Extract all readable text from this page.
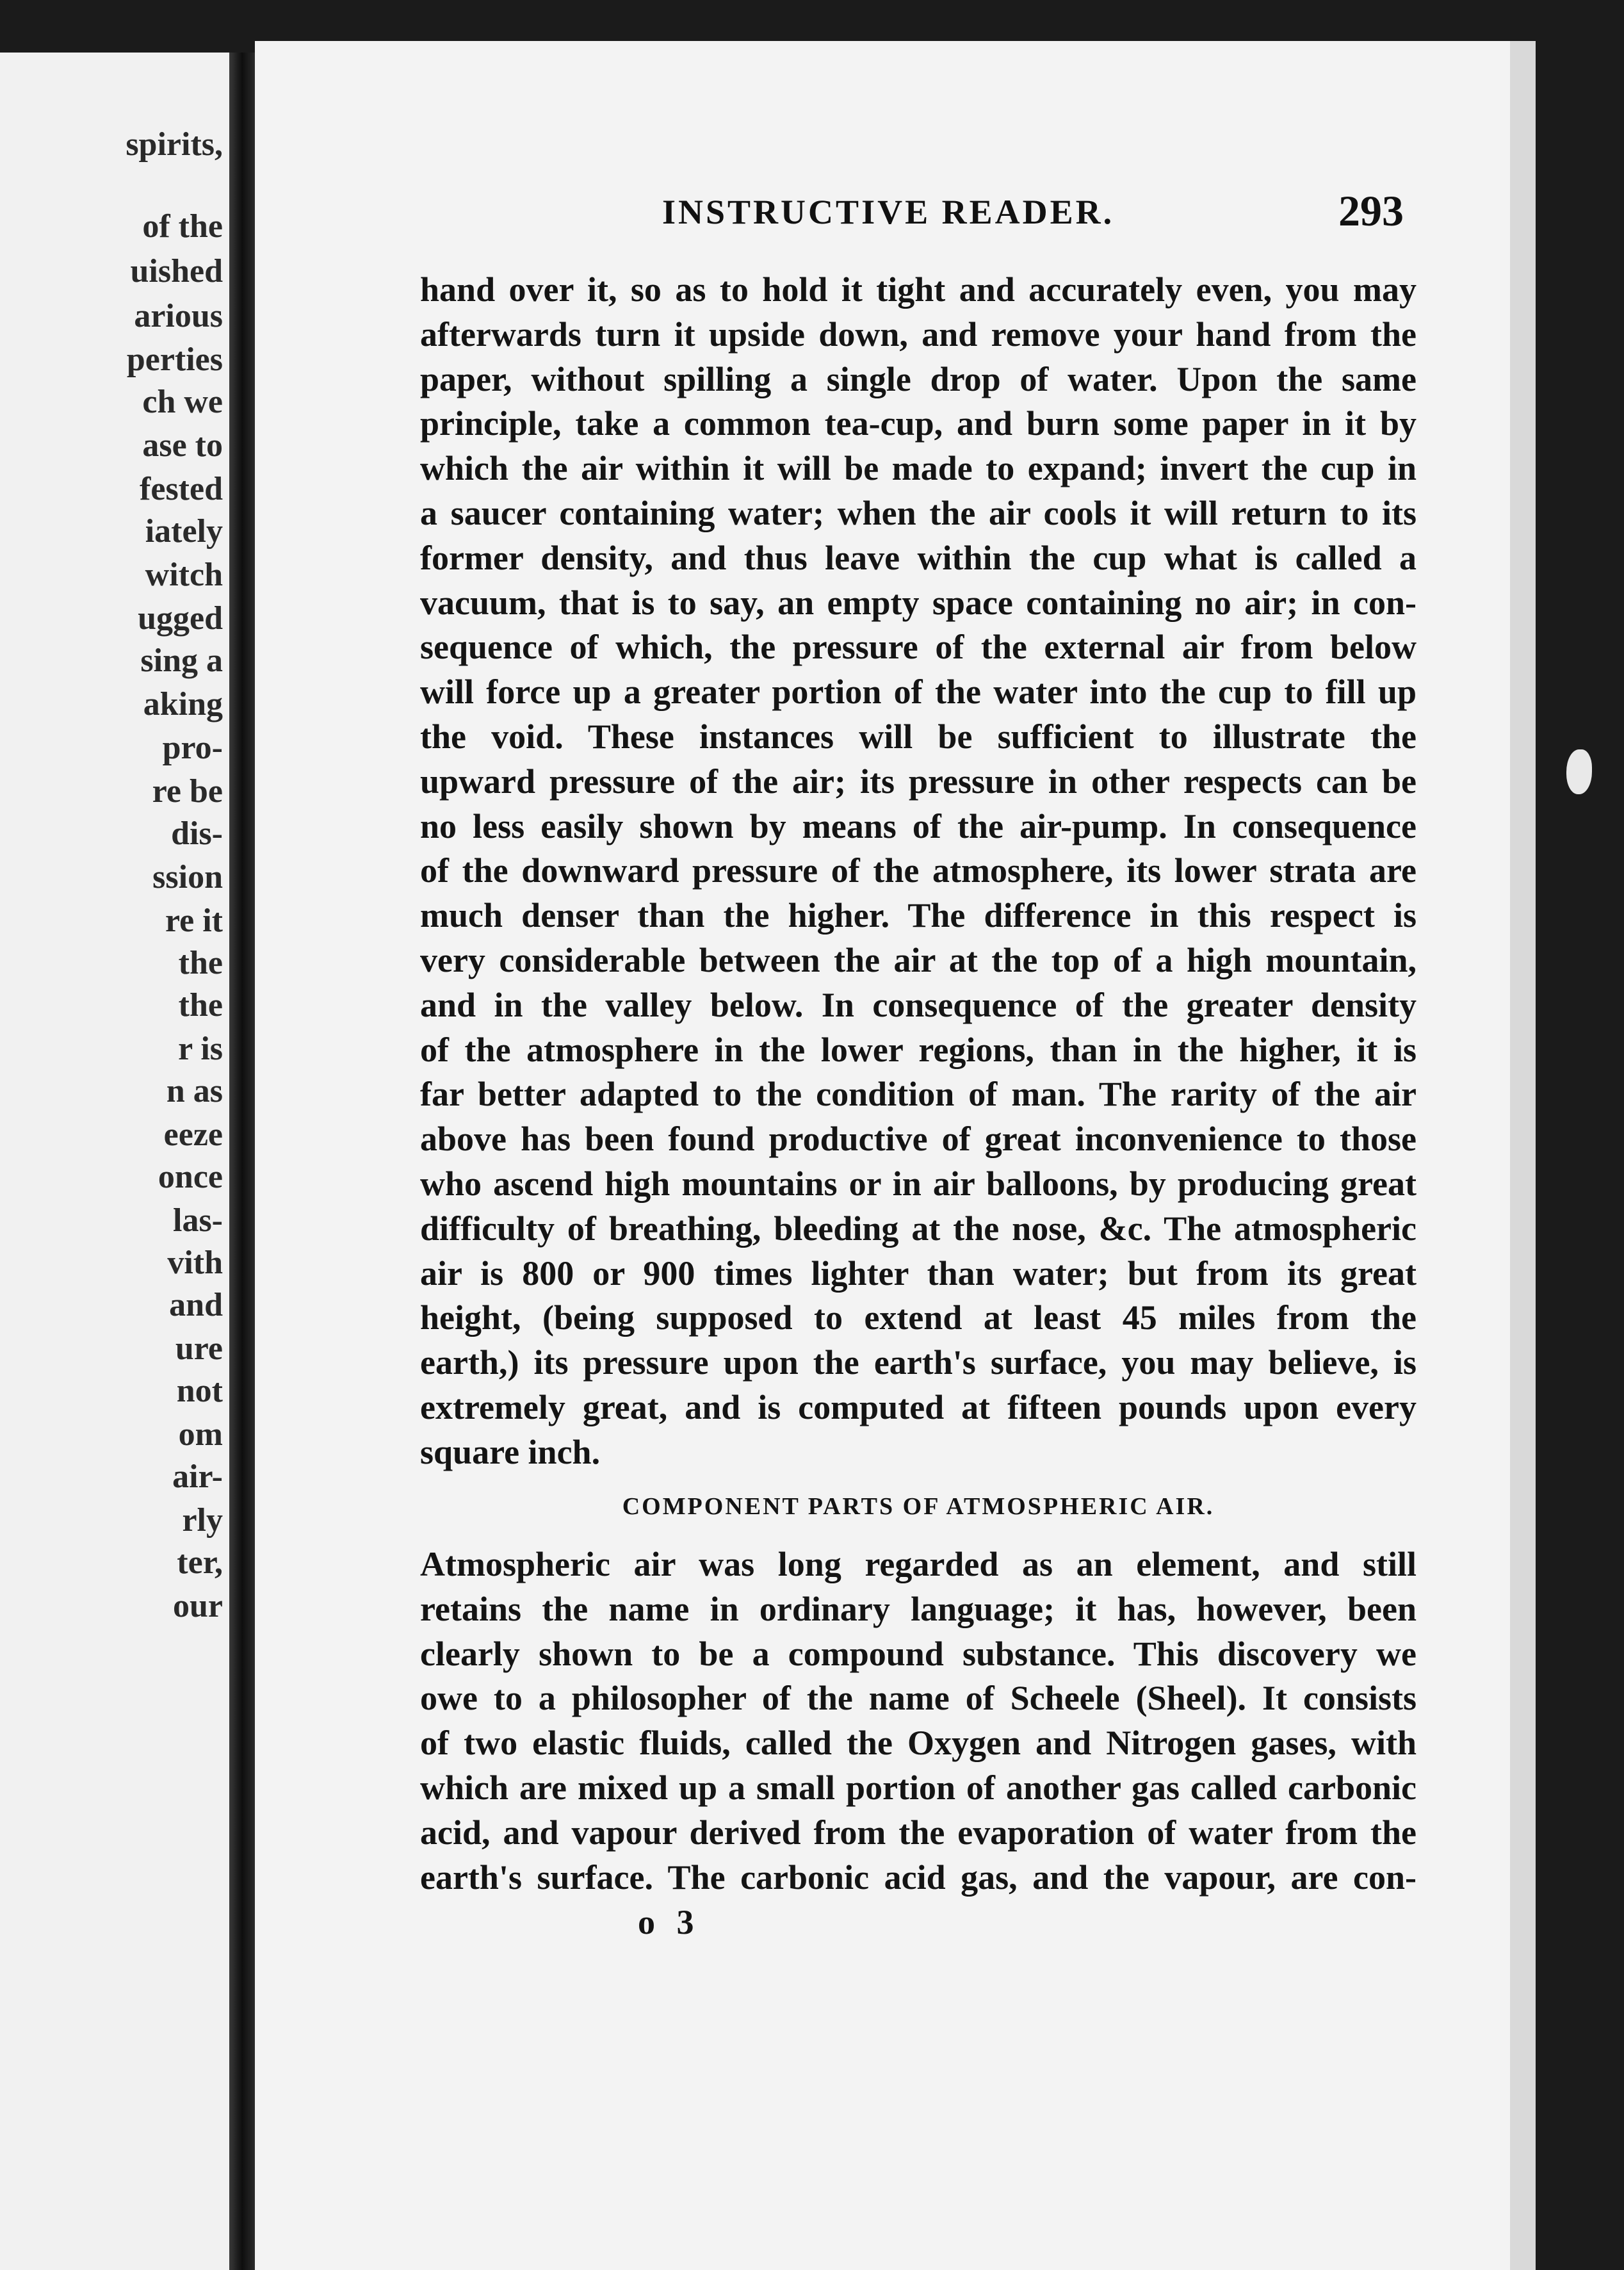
spirits,
of the
uished
arious
perties
ch we
ase to
fested
iately
witch
ugged
sing a
aking
pro-
re be
dis-
ssion
re it
the
the
r is
n as
eeze
once
las-
vith
and
ure
not
om
air-
rly
ter,
our
INSTRUCTIVE READER.	293
hand over it, so as to hold it tight and accurately even, you may
afterwards turn it upside down, and remove your hand from the
paper, without spilling a single drop of water. Upon the same
principle, take a common tea-cup, and burn some paper in it by
which the air within it will be made to expand; invert the cup in
a saucer containing water; when the air cools it will return to its
former density, and thus leave within the cup what is called a
vacuum, that is to say, an empty space containing no air; in con-
sequence of which, the pressure of the external air from below
will force up a greater portion of the water into the cup to fill up
the void. These instances will be sufficient to illustrate the
upward pressure of the air; its pressure in other respects can be
no less easily shown by means of the air-pump. In consequence
of the downward pressure of the atmosphere, its lower strata are
much denser than the higher. The difference in this respect is
very considerable between the air at the top of a high mountain,
and in the valley below. In consequence of the greater density
of the atmosphere in the lower regions, than in the higher, it is
far better adapted to the condition of man. The rarity of the air
above has been found productive of great inconvenience to those
who ascend high mountains or in air balloons, by producing great
difficulty of breathing, bleeding at the nose, &c. The atmospheric
air is 800 or 900 times lighter than water; but from its great
height, (being supposed to extend at least 45 miles from the
earth,) its pressure upon the earth's surface, you may believe, is
extremely great, and is computed at fifteen pounds upon every
square inch.
COMPONENT PARTS OF ATMOSPHERIC AIR.
Atmospheric air was long regarded as an element, and still
retains the name in ordinary language; it has, however, been
clearly shown to be a compound substance. This discovery we
owe to a philosopher of the name of Scheele (Sheel). It consists
of two elastic fluids, called the Oxygen and Nitrogen gases, with
which are mixed up a small portion of another gas called carbonic
acid, and vapour derived from the evaporation of water from the
earth's surface. The carbonic acid gas, and the vapour, are con-
o 3
